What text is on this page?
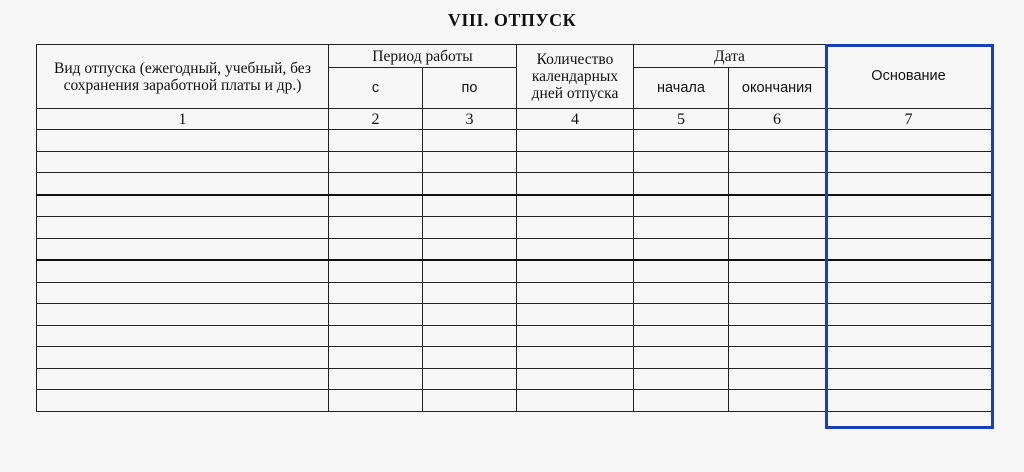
VIII. ОТПУСК
Вид отпуска (ежегодный, учебный, без сохранения заработной платы и др.)	Период работы		Количество календарных дней отпуска	Дата		Основание
	с	по		начала	окончания	
1	2	3	4	5	6	7
